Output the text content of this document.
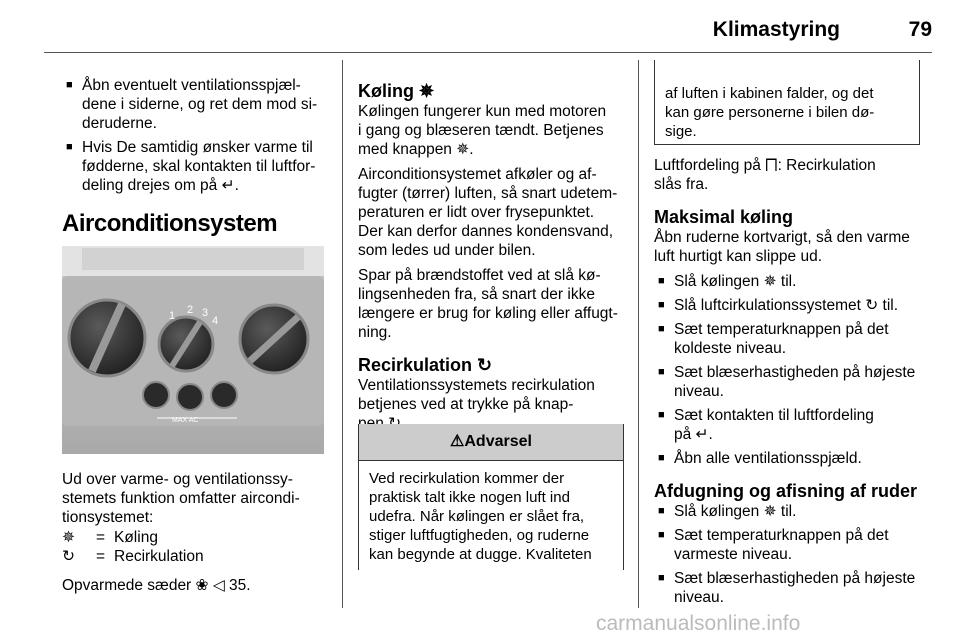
Klimastyring	79
■ Åbn eventuelt ventilationsspjæl-
dene i siderne, og ret dem mod si-
deruderne.
■ Hvis De samtidig ønsker varme til
fødderne, skal kontakten til luftfor-
deling drejes om på ↵.
Airconditionsystem
1 2 3
4
MAX AC
Ud over varme- og ventilationssy-
stemets funktion omfatter aircondi-
tionsystemet:
✵	= Køling
↻	= Recirkulation
Opvarmede sæder ❀ ◁ 35.
Køling ✵
Kølingen fungerer kun med motoren
i gang og blæseren tændt. Betjenes
med knappen ✵.
Airconditionsystemet afkøler og af-
fugter (tørrer) luften, så snart udetem-
peraturen er lidt over frysepunktet.
Der kan derfor dannes kondensvand,
som ledes ud under bilen.
Spar på brændstoffet ved at slå kø-
lingsenheden fra, så snart der ikke
længere er brug for køling eller affugt-
ning.
Recirkulation ↻
Ventilationssystemets recirkulation
betjenes ved at trykke på knap-
⚠Advarsel
Ved recirkulation kommer der
praktisk talt ikke nogen luft ind
udefra. Når kølingen er slået fra,
stiger luftfugtigheden, og ruderne
kan begynde at dugge. Kvaliteten
af luften i kabinen falder, og det
kan gøre personerne i bilen dø-
sige.
Luftfordeling på ⨅: Recirkulation
slås fra.
Maksimal køling
Åbn ruderne kortvarigt, så den varme
luft hurtigt kan slippe ud.
■ Slå kølingen ✵ til.
■ Slå luftcirkulationssystemet ↻ til.
■ Sæt temperaturknappen på det
koldeste niveau.
■ Sæt blæserhastigheden på højeste
niveau.
■ Sæt kontakten til luftfordeling
på ↵.
■ Åbn alle ventilationsspjæld.
Afdugning og afisning af ruder
■ Slå kølingen ✵ til.
■ Sæt temperaturknappen på det
varmeste niveau.
■ Sæt blæserhastigheden på højeste
niveau.
carmanualsonline.info
